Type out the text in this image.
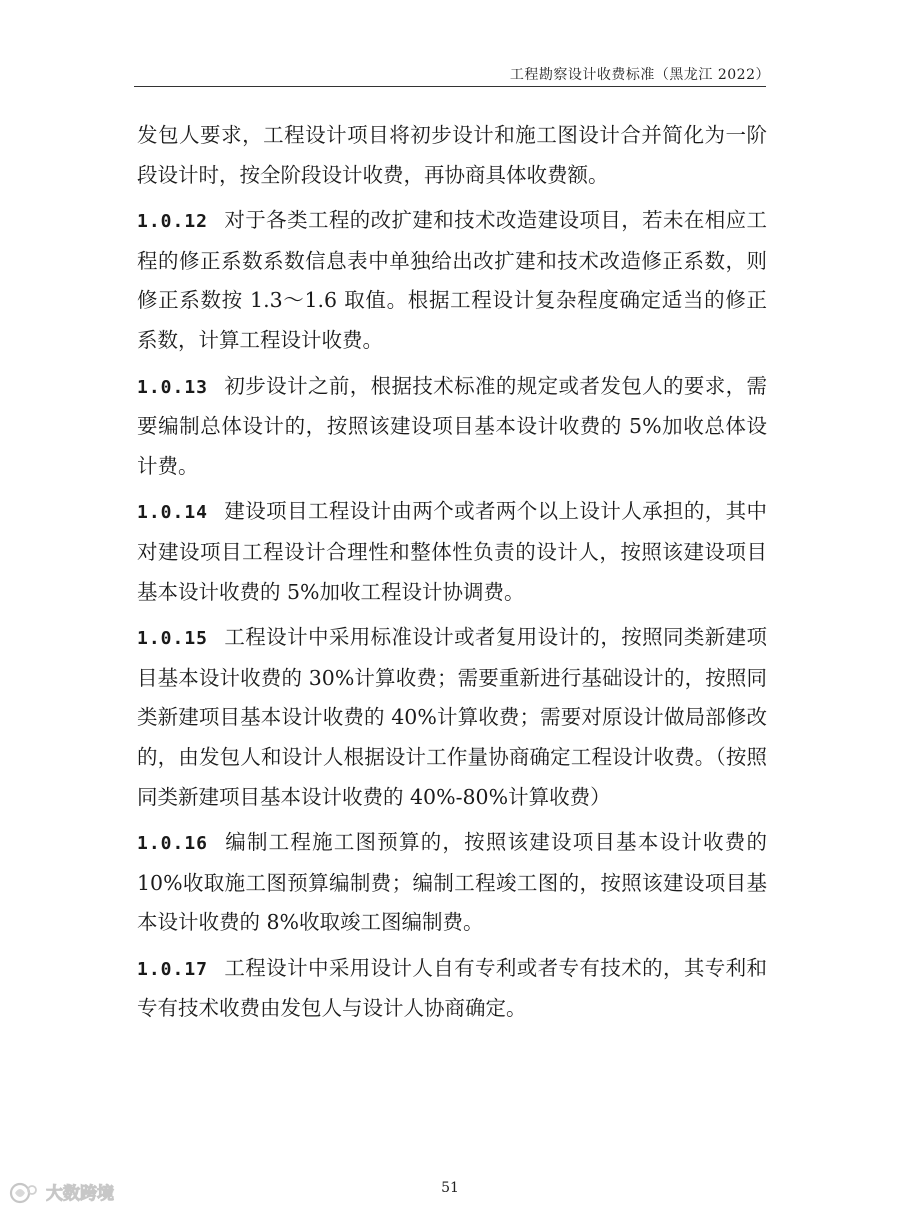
工程勘察设计收费标准（黑龙江 2022）

发包人要求，工程设计项目将初步设计和施工图设计合并简化为一阶段设计时，按全阶段设计收费，再协商具体收费额。

1.0.12 对于各类工程的改扩建和技术改造建设项目，若未在相应工程的修正系数系数信息表中单独给出改扩建和技术改造修正系数，则修正系数按 1.3～1.6 取值。根据工程设计复杂程度确定适当的修正系数，计算工程设计收费。

1.0.13 初步设计之前，根据技术标准的规定或者发包人的要求，需要编制总体设计的，按照该建设项目基本设计收费的 5%加收总体设计费。

1.0.14 建设项目工程设计由两个或者两个以上设计人承担的，其中对建设项目工程设计合理性和整体性负责的设计人，按照该建设项目基本设计收费的 5%加收工程设计协调费。

1.0.15 工程设计中采用标准设计或者复用设计的，按照同类新建项目基本设计收费的 30%计算收费；需要重新进行基础设计的，按照同类新建项目基本设计收费的 40%计算收费；需要对原设计做局部修改的，由发包人和设计人根据设计工作量协商确定工程设计收费。（按照同类新建项目基本设计收费的 40%-80%计算收费）

1.0.16 编制工程施工图预算的，按照该建设项目基本设计收费的 10%收取施工图预算编制费；编制工程竣工图的，按照该建设项目基本设计收费的 8%收取竣工图编制费。

1.0.17 工程设计中采用设计人自有专利或者专有技术的，其专利和专有技术收费由发包人与设计人协商确定。

51
大数跨境
